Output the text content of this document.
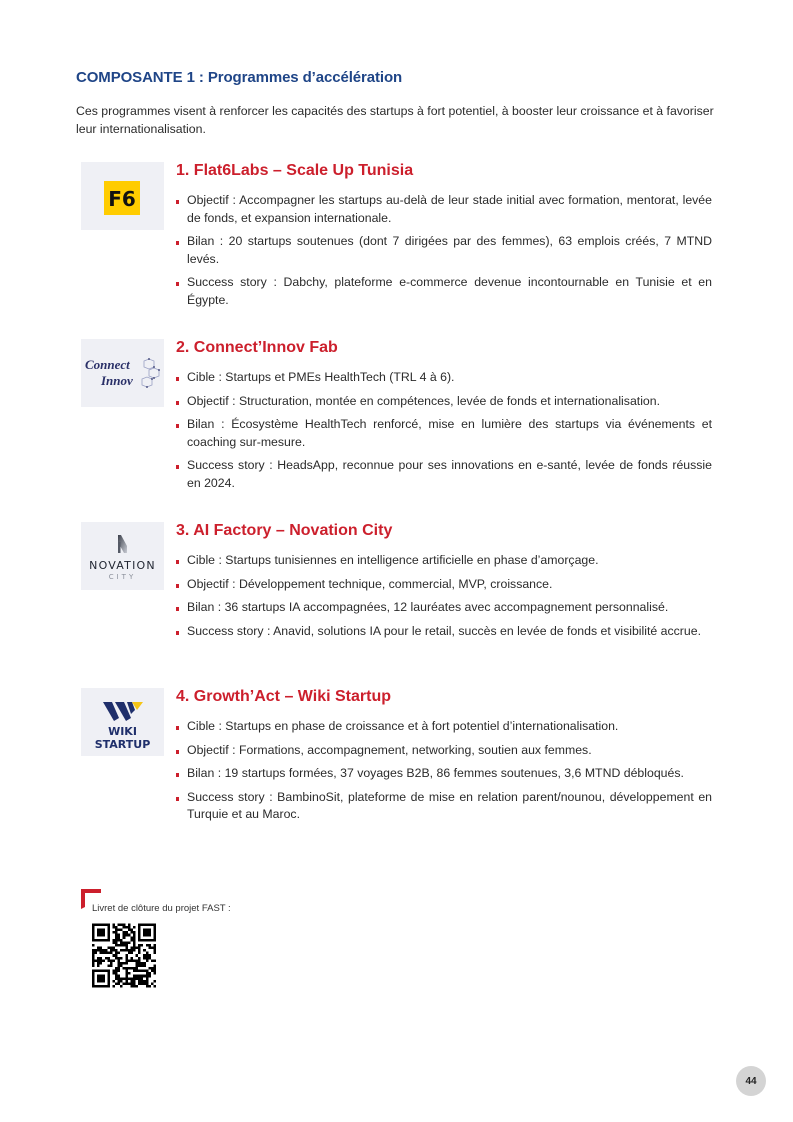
COMPOSANTE 1 : Programmes d’accélération

Ces programmes visent à renforcer les capacités des startups à fort potentiel, à booster leur croissance et à favoriser leur internationalisation.

F6
1. Flat6Labs – Scale Up Tunisia
Objectif : Accompagner les startups au-delà de leur stade initial avec formation, mentorat, levée de fonds, et expansion internationale.
Bilan : 20 startups soutenues (dont 7 dirigées par des femmes), 63 emplois créés, 7 MTND levés.
Success story : Dabchy, plateforme e-commerce devenue incontournable en Tunisie et en Égypte.
Connect
Innov
2. Connect’Innov Fab
Cible : Startups et PMEs HealthTech (TRL 4 à 6).
Objectif : Structuration, montée en compétences, levée de fonds et internationalisation.
Bilan : Écosystème HealthTech renforcé, mise en lumière des startups via événements et coaching sur-mesure.
Success story : HeadsApp, reconnue pour ses innovations en e-santé, levée de fonds réussie en 2024.
NOVATION
CITY
3. AI Factory – Novation City
Cible : Startups tunisiennes en intelligence artificielle en phase d’amorçage.
Objectif : Développement technique, commercial, MVP, croissance.
Bilan : 36 startups IA accompagnées, 12 lauréates avec accompagnement personnalisé.
Success story : Anavid, solutions IA pour le retail, succès en levée de fonds et visibilité accrue.
WIKI
STARTUP
4. Growth’Act – Wiki Startup
Cible : Startups en phase de croissance et à fort potentiel d’internationalisation.
Objectif : Formations, accompagnement, networking, soutien aux femmes.
Bilan : 19 startups formées, 37 voyages B2B, 86 femmes soutenues, 3,6 MTND débloqués.
Success story : BambinoSit, plateforme de mise en relation parent/nounou, développement en Turquie et au Maroc.

Livret de clôture du projet FAST :

44
